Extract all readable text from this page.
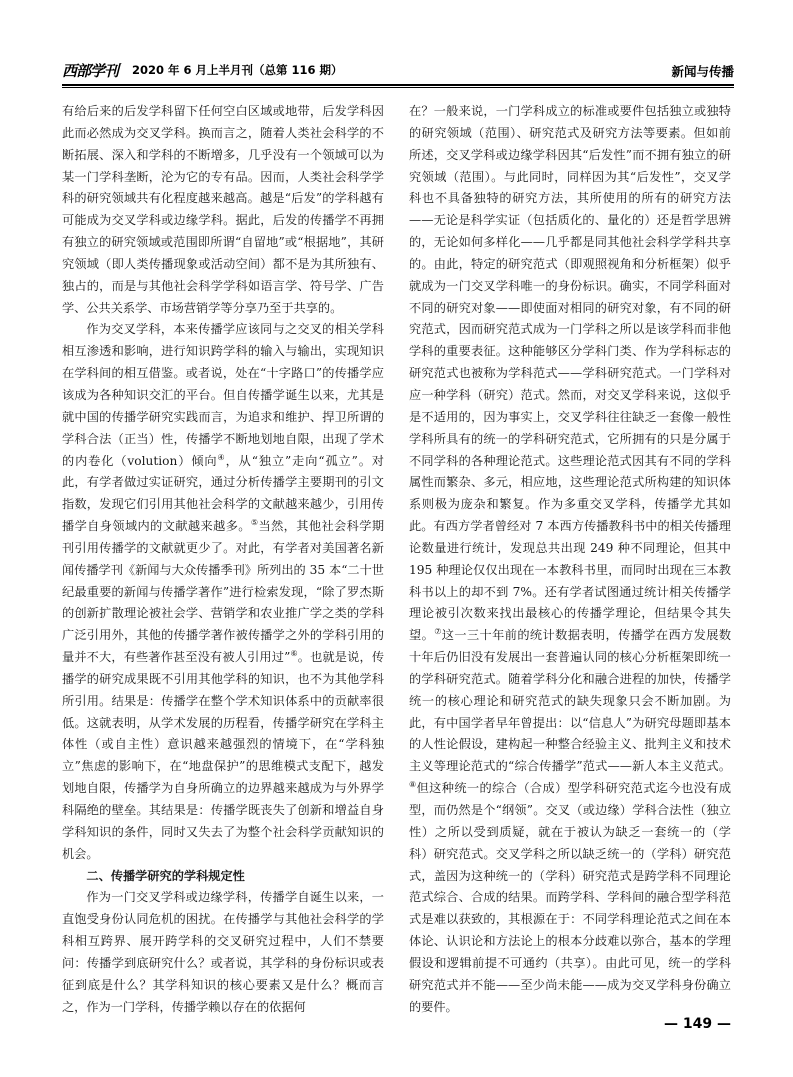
西部学刊 2020 年 6 月上半月刊（总第 116 期）	新闻与传播

有给后来的后发学科留下任何空白区域或地带，后发学科因此而必然成为交叉学科。换而言之，随着人类社会科学的不断拓展、深入和学科的不断增多，几乎没有一个领域可以为某一门学科垄断，沦为它的专有品。因而，人类社会科学学科的研究领域共有化程度越来越高。越是“后发”的学科越有可能成为交叉学科或边缘学科。据此，后发的传播学不再拥有独立的研究领域或范围即所谓“自留地”或“根据地”，其研究领域（即人类传播现象或活动空间）都不是为其所独有、独占的，而是与其他社会科学学科如语言学、符号学、广告学、公共关系学、市场营销学等分享乃至于共享的。

作为交叉学科，本来传播学应该同与之交叉的相关学科相互渗透和影响，进行知识跨学科的输入与输出，实现知识在学科间的相互借鉴。或者说，处在“十字路口”的传播学应该成为各种知识交汇的平台。但自传播学诞生以来，尤其是就中国的传播学研究实践而言，为追求和维护、捍卫所谓的学科合法（正当）性，传播学不断地划地自限，出现了学术的内卷化（volution）倾向④，从“独立”走向“孤立”。对此，有学者做过实证研究，通过分析传播学主要期刊的引文指数，发现它们引用其他社会科学的文献越来越少，引用传播学自身领域内的文献越来越多。⑤当然，其他社会科学期刊引用传播学的文献就更少了。对此，有学者对美国著名新闻传播学刊《新闻与大众传播季刊》所列出的 35 本“二十世纪最重要的新闻与传播学著作”进行检索发现，“除了罗杰斯的创新扩散理论被社会学、营销学和农业推广学之类的学科广泛引用外，其他的传播学著作被传播学之外的学科引用的量并不大，有些著作甚至没有被人引用过”⑥。也就是说，传播学的研究成果既不引用其他学科的知识，也不为其他学科所引用。结果是：传播学在整个学术知识体系中的贡献率很低。这就表明，从学术发展的历程看，传播学研究在学科主体性（或自主性）意识越来越强烈的情境下，在“学科独立”焦虑的影响下，在“地盘保护”的思维模式支配下，越发划地自限，传播学为自身所确立的边界越来越成为与外界学科隔绝的壁垒。其结果是：传播学既丧失了创新和增益自身学科知识的条件，同时又失去了为整个社会科学贡献知识的机会。

二、传播学研究的学科规定性

作为一门交叉学科或边缘学科，传播学自诞生以来，一直饱受身份认同危机的困扰。在传播学与其他社会科学的学科相互跨界、展开跨学科的交叉研究过程中，人们不禁要问：传播学到底研究什么？或者说，其学科的身份标识或表征到底是什么？其学科知识的核心要素又是什么？概而言之，作为一门学科，传播学赖以存在的依据何

在？一般来说，一门学科成立的标准或要件包括独立或独特的研究领域（范围）、研究范式及研究方法等要素。但如前所述，交叉学科或边缘学科因其“后发性”而不拥有独立的研究领域（范围）。与此同时，同样因为其“后发性”，交叉学科也不具备独特的研究方法，其所使用的所有的研究方法——无论是科学实证（包括质化的、量化的）还是哲学思辨的，无论如何多样化——几乎都是同其他社会科学学科共享的。由此，特定的研究范式（即观照视角和分析框架）似乎就成为一门交叉学科唯一的身份标识。确实，不同学科面对不同的研究对象——即使面对相同的研究对象，有不同的研究范式，因而研究范式成为一门学科之所以是该学科而非他学科的重要表征。这种能够区分学科门类、作为学科标志的研究范式也被称为学科范式——学科研究范式。一门学科对应一种学科（研究）范式。然而，对交叉学科来说，这似乎是不适用的，因为事实上，交叉学科往往缺乏一套像一般性学科所具有的统一的学科研究范式，它所拥有的只是分属于不同学科的各种理论范式。这些理论范式因其有不同的学科属性而繁杂、多元，相应地，这些理论范式所构建的知识体系则极为庞杂和繁复。作为多重交叉学科，传播学尤其如此。有西方学者曾经对 7 本西方传播教科书中的相关传播理论数量进行统计，发现总共出现 249 种不同理论，但其中 195 种理论仅仅出现在一本教科书里，而同时出现在三本教科书以上的却不到 7%。还有学者试图通过统计相关传播学理论被引次数来找出最核心的传播学理论，但结果令其失望。⑦这一三十年前的统计数据表明，传播学在西方发展数十年后仍旧没有发展出一套普遍认同的核心分析框架即统一的学科研究范式。随着学科分化和融合进程的加快，传播学统一的核心理论和研究范式的缺失现象只会不断加剧。为此，有中国学者早年曾提出：以“信息人”为研究母题即基本的人性论假设，建构起一种整合经验主义、批判主义和技术主义等理论范式的“综合传播学”范式——新人本主义范式。⑧但这种统一的综合（合成）型学科研究范式迄今也没有成型，而仍然是个“纲领”。交叉（或边缘）学科合法性（独立性）之所以受到质疑，就在于被认为缺乏一套统一的（学科）研究范式。交叉学科之所以缺乏统一的（学科）研究范式，盖因为这种统一的（学科）研究范式是跨学科不同理论范式综合、合成的结果。而跨学科、学科间的融合型学科范式是难以获致的，其根源在于：不同学科理论范式之间在本体论、认识论和方法论上的根本分歧难以弥合，基本的学理假设和逻辑前提不可通约（共享）。由此可见，统一的学科研究范式并不能——至少尚未能——成为交叉学科身份确立的要件。

— 149 —
